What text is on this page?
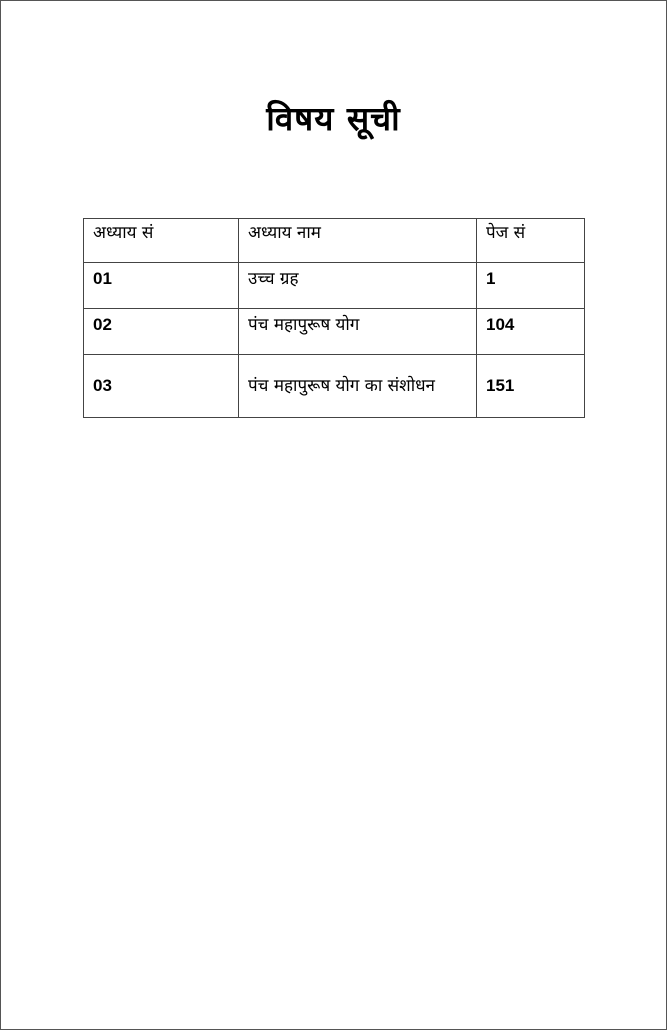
विषय सूची
अध्याय सं	अध्याय नाम	पेज सं
01	उच्च ग्रह	1
02	पंच महापुरूष योग	104
03	पंच महापुरूष योग का संशोधन	151
